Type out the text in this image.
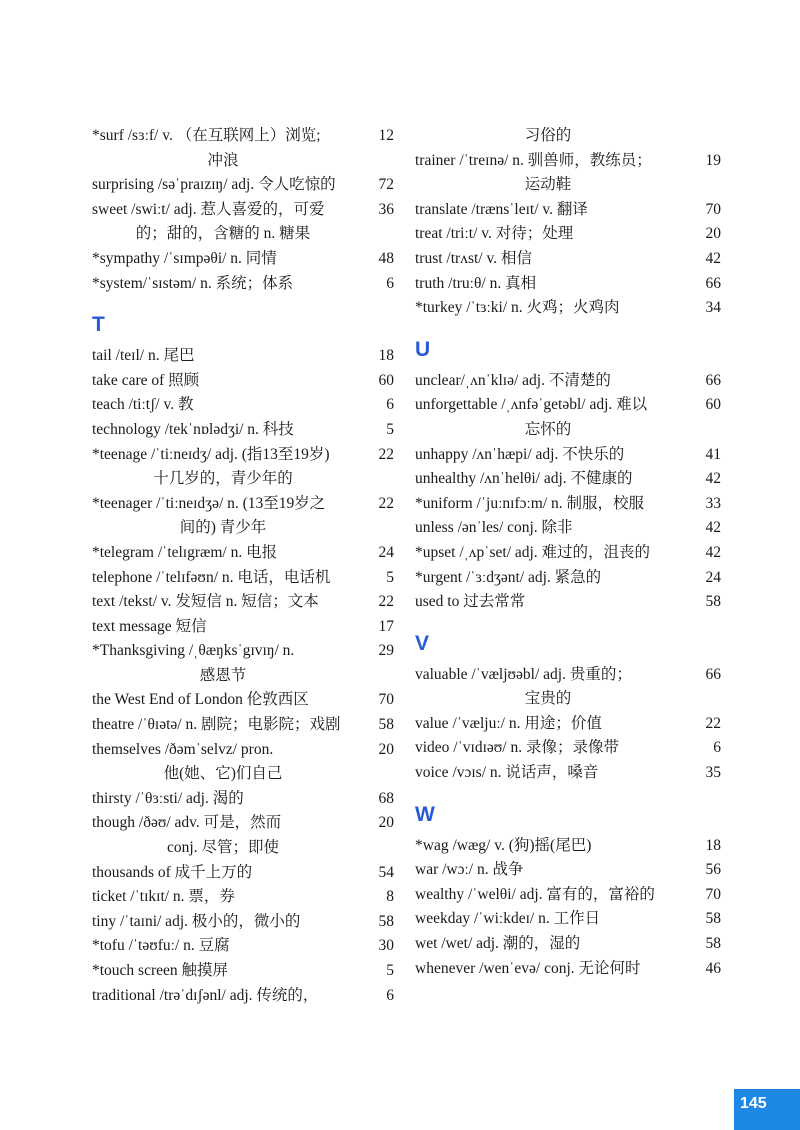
*surf /sɜːf/ v. （在互联网上）浏览;
冲浪
12
surprising /səˈpraɪzɪŋ/ adj. 令人吃惊的	72
sweet /swiːt/ adj. 惹人喜爱的，可爱
的；甜的，含糖的 n. 糖果
36
*sympathy /ˈsɪmpəθi/ n. 同情	48
*system/ˈsɪstəm/ n. 系统；体系	6
T
tail /teɪl/ n. 尾巴	18
take care of 照顾	60
teach /tiːtʃ/ v. 教	6
technology /tekˈnɒlədʒi/ n. 科技	5
*teenage /ˈtiːneɪdʒ/ adj. (指13至19岁)
十几岁的，青少年的
22
*teenager /ˈtiːneɪdʒə/ n. (13至19岁之
间的) 青少年
22
*telegram /ˈtelɪgræm/ n. 电报	24
telephone /ˈtelɪfəʊn/ n. 电话，电话机	5
text /tekst/ v. 发短信 n. 短信；文本	22
text message 短信	17
*Thanksgiving /ˌθæŋksˈgɪvɪŋ/ n.
感恩节
29
the West End of London 伦敦西区	70
theatre /ˈθɪətə/ n. 剧院；电影院；戏剧	58
themselves /ðəmˈselvz/ pron.
他(她、它)们自己
20
thirsty /ˈθɜːsti/ adj. 渴的	68
though /ðəʊ/ adv. 可是，然而
conj. 尽管；即使
20
thousands of 成千上万的	54
ticket /ˈtɪkɪt/ n. 票，券	8
tiny /ˈtaɪni/ adj. 极小的，微小的	58
*tofu /ˈtəʊfuː/ n. 豆腐	30
*touch screen 触摸屏	5
traditional /trəˈdɪʃənl/ adj. 传统的，	6
习俗的
trainer /ˈtreɪnə/ n. 驯兽师，教练员；
运动鞋
19
translate /trænsˈleɪt/ v. 翻译	70
treat /triːt/ v. 对待；处理	20
trust /trʌst/ v. 相信	42
truth /truːθ/ n. 真相	66
*turkey /ˈtɜːki/ n. 火鸡；火鸡肉	34
U
unclear/ˌʌnˈklɪə/ adj. 不清楚的	66
unforgettable /ˌʌnfəˈgetəbl/ adj. 难以
忘怀的
60
unhappy /ʌnˈhæpi/ adj. 不快乐的	41
unhealthy /ʌnˈhelθi/ adj. 不健康的	42
*uniform /ˈjuːnɪfɔːm/ n. 制服，校服	33
unless /ənˈles/ conj. 除非	42
*upset /ˌʌpˈset/ adj. 难过的，沮丧的	42
*urgent /ˈɜːdʒənt/ adj. 紧急的	24
used to 过去常常	58
V
valuable /ˈvæljʊəbl/ adj. 贵重的；
宝贵的
66
value /ˈvæljuː/ n. 用途；价值	22
video /ˈvɪdɪəʊ/ n. 录像；录像带	6
voice /vɔɪs/ n. 说话声，嗓音	35
W
*wag /wæg/ v. (狗)摇(尾巴)	18
war /wɔː/ n. 战争	56
wealthy /ˈwelθi/ adj. 富有的，富裕的	70
weekday /ˈwiːkdeɪ/ n. 工作日	58
wet /wet/ adj. 潮的，湿的	58
whenever /wenˈevə/ conj. 无论何时	46
145
